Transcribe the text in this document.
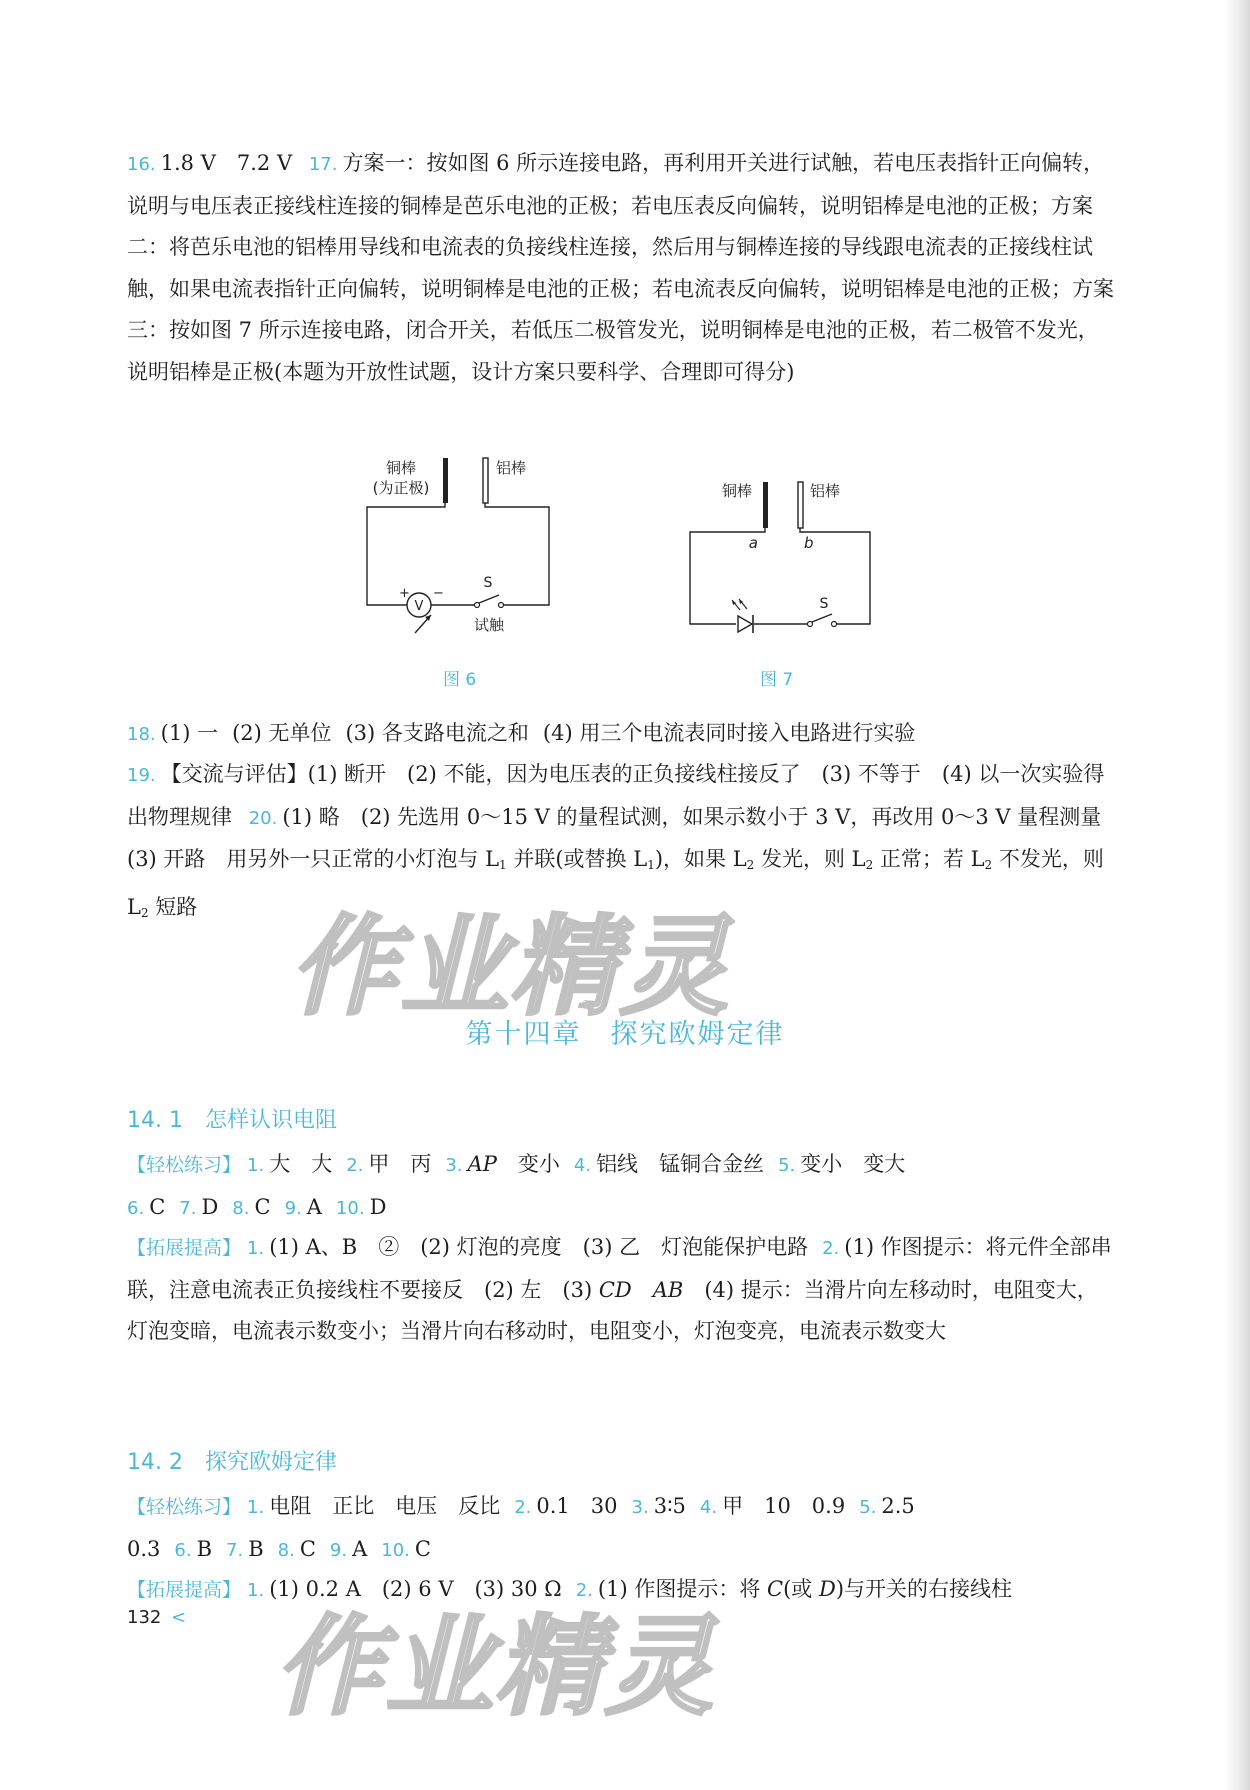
16. 1.8 V　7.2 V 17. 方案一：按如图 6 所示连接电路，再利用开关进行试触，若电压表指针正向偏转，说明与电压表正接线柱连接的铜棒是芭乐电池的正极；若电压表反向偏转，说明铝棒是电池的正极；方案二：将芭乐电池的铝棒用导线和电流表的负接线柱连接，然后用与铜棒连接的导线跟电流表的正接线柱试触，如果电流表指针正向偏转，说明铜棒是电池的正极；若电流表反向偏转，说明铝棒是电池的正极；方案三：按如图 7 所示连接电路，闭合开关，若低压二极管发光，说明铜棒是电池的正极，若二极管不发光，说明铝棒是正极(本题为开放性试题，设计方案只要科学、合理即可得分)
铜棒
(为正极)
铝棒
V
+ −
S
试触
图 6
铜棒	铝棒
a	b
S
图 7
18. (1) 一 (2) 无单位 (3) 各支路电流之和 (4) 用三个电流表同时接入电路进行实验
19. 【交流与评估】(1) 断开　(2) 不能，因为电压表的正负接线柱接反了　(3) 不等于　(4) 以一次实验得出物理规律 20. (1) 略　(2) 先选用 0～15 V 的量程试测，如果示数小于 3 V，再改用 0～3 V 量程测量　(3) 开路　用另外一只正常的小灯泡与 $L_1$ 并联(或替换 $L_1$)，如果 $L_2$ 发光，则 $L_2$ 正常；若 $L_2$ 不发光，则 $L_2$ 短路
第十四章　探究欧姆定律
14. 1　怎样认识电阻
【轻松练习】 1. 大　大 2. 甲　丙 3. AP　变小 4. 铝线　锰铜合金丝 5. 变小　变大6. C 7. D 8. C 9. A 10. D
【拓展提高】 1. (1) A、B　②　(2) 灯泡的亮度　(3) 乙　灯泡能保护电路 2. (1) 作图提示：将元件全部串联，注意电流表正负接线柱不要接反　(2) 左　(3) CD　 AB　(4) 提示：当滑片向左移动时，电阻变大，灯泡变暗，电流表示数变小；当滑片向右移动时，电阻变小，灯泡变亮，电流表示数变大
14. 2　探究欧姆定律
【轻松练习】 1. 电阻　正比　电压　反比 2. 0.1　30 3. 3∶5 4. 甲　10　0.9 5. 2.5　0.3 6. B 7. B 8. C 9. A 10. C
【拓展提高】 1. (1) 0.2 A　(2) 6 V　(3) 30 Ω 2. (1) 作图提示：将 C(或 D)与开关的右接线柱
132 <
作业精灵
作业精灵
